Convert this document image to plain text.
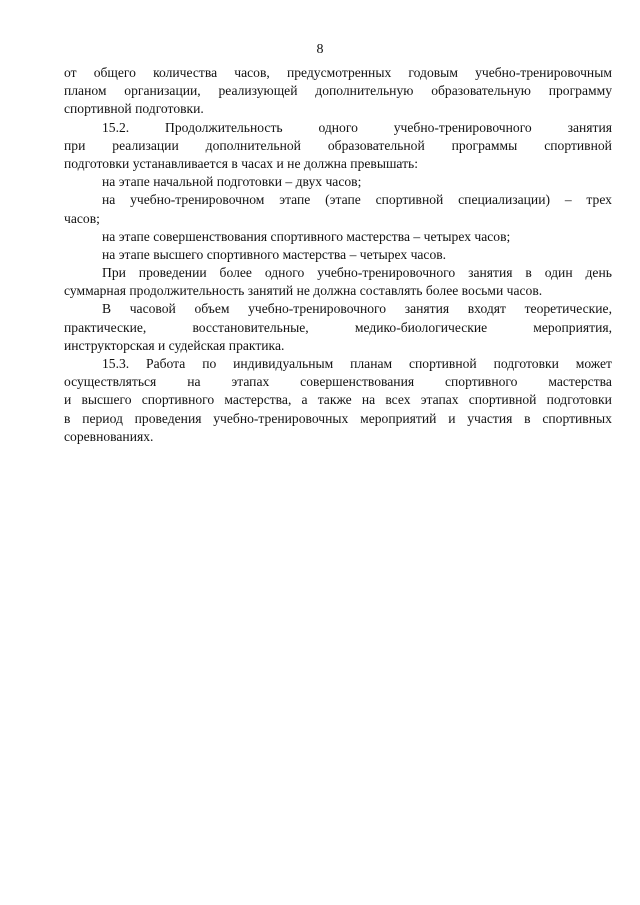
8
от общего количества часов, предусмотренных годовым учебно-тренировочным
планом организации, реализующей дополнительную образовательную программу
спортивной подготовки.
15.2.	Продолжительность	одного	учебно-тренировочного	занятия
при реализации дополнительной образовательной программы спортивной
подготовки устанавливается в часах и не должна превышать:
на этапе начальной подготовки – двух часов;
на учебно-тренировочном этапе (этапе спортивной специализации) – трех
часов;
на этапе совершенствования спортивного мастерства – четырех часов;
на этапе высшего спортивного мастерства – четырех часов.
При проведении более одного учебно-тренировочного занятия в один день
суммарная продолжительность занятий не должна составлять более восьми часов.
В часовой объем учебно-тренировочного занятия входят теоретические,
практические,	восстановительные,	медико-биологические	мероприятия,
инструкторская и судейская практика.
15.3. Работа по индивидуальным планам спортивной подготовки может
осуществляться на этапах совершенствования спортивного мастерства
и высшего спортивного мастерства, а также на всех этапах спортивной подготовки
в период проведения учебно-тренировочных мероприятий и участия в спортивных
соревнованиях.
